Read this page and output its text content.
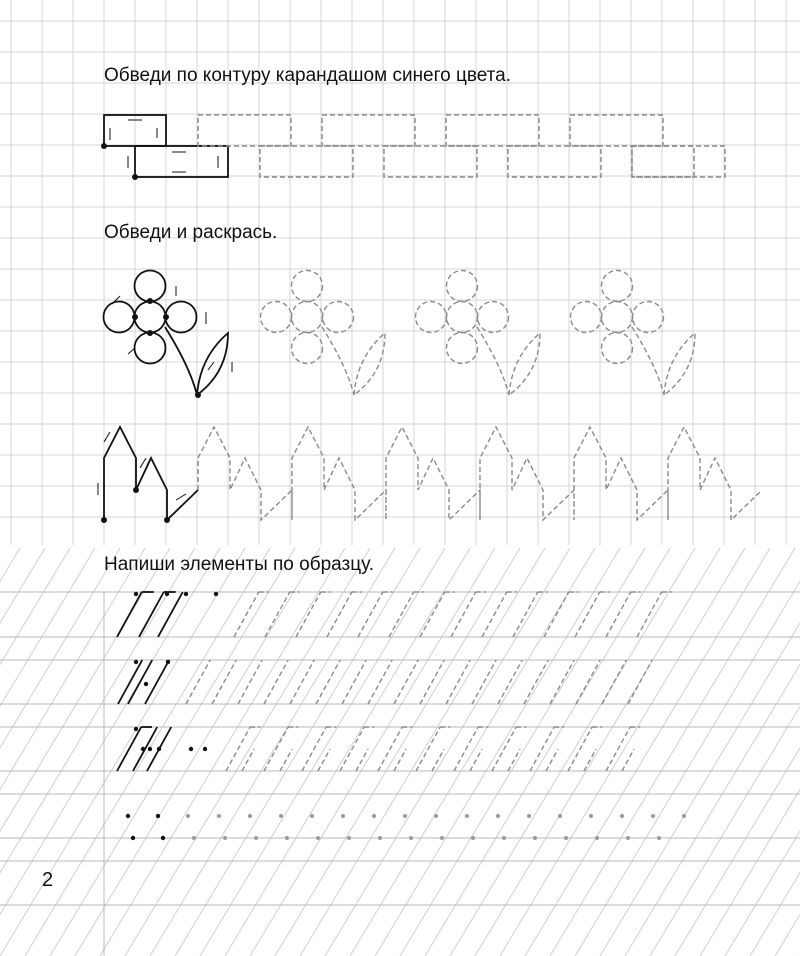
Обведи по контуру карандашом синего цвета.
Обведи и раскрась.
Напиши элементы по образцу.
2
